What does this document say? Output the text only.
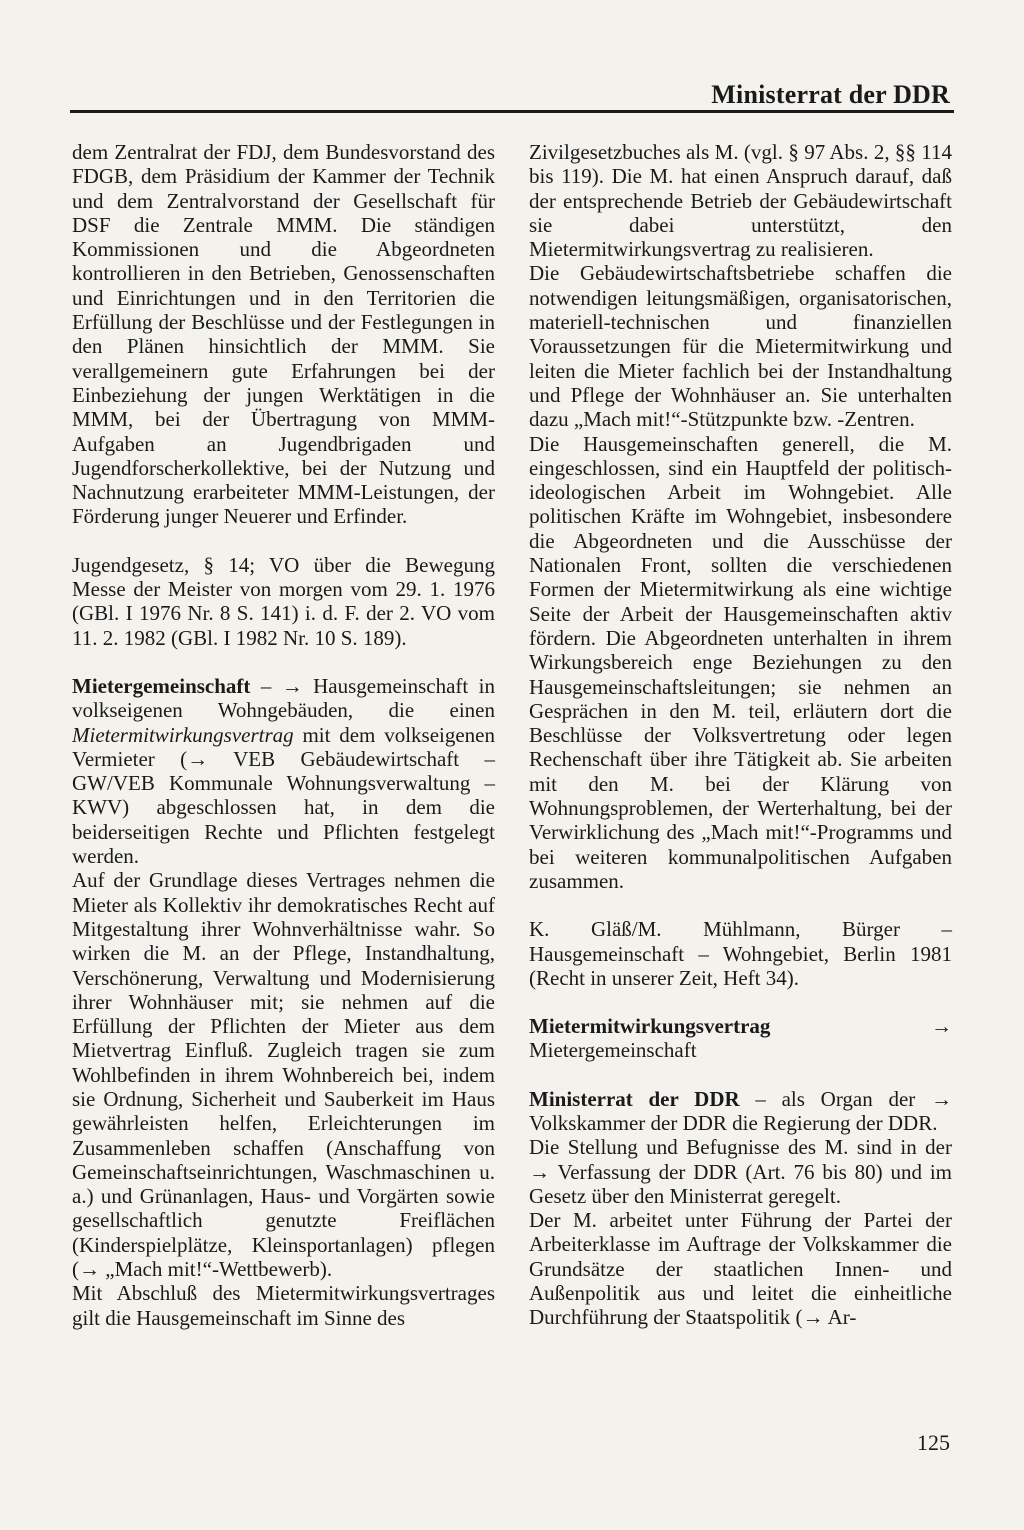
Ministerrat der DDR

dem Zentralrat der FDJ, dem Bundesvorstand des FDGB, dem Präsidium der Kammer der Technik und dem Zentralvorstand der Gesellschaft für DSF die Zentrale MMM. Die ständigen Kommissionen und die Abgeordneten kontrollieren in den Betrieben, Genossenschaften und Einrichtungen und in den Territorien die Erfüllung der Beschlüsse und der Festlegungen in den Plänen hinsichtlich der MMM. Sie verallgemeinern gute Erfahrungen bei der Einbeziehung der jungen Werktätigen in die MMM, bei der Übertragung von MMM-Aufgaben an Jugendbrigaden und Jugendforscherkollektive, bei der Nutzung und Nachnutzung erarbeiteter MMM-Leistungen, der Förderung junger Neuerer und Erfinder.

Jugendgesetz, § 14; VO über die Bewegung Messe der Meister von morgen vom 29. 1. 1976 (GBl. I 1976 Nr. 8 S. 141) i. d. F. der 2. VO vom 11. 2. 1982 (GBl. I 1982 Nr. 10 S. 189).

Mietergemeinschaft – → Hausgemeinschaft in volkseigenen Wohngebäuden, die einen Mietermitwirkungsvertrag mit dem volkseigenen Vermieter (→ VEB Gebäudewirtschaft – GW/VEB Kommunale Wohnungsverwaltung – KWV) abgeschlossen hat, in dem die beiderseitigen Rechte und Pflichten festgelegt werden.

Auf der Grundlage dieses Vertrages nehmen die Mieter als Kollektiv ihr demokratisches Recht auf Mitgestaltung ihrer Wohnverhältnisse wahr. So wirken die M. an der Pflege, Instandhaltung, Verschönerung, Verwaltung und Modernisierung ihrer Wohnhäuser mit; sie nehmen auf die Erfüllung der Pflichten der Mieter aus dem Mietvertrag Einfluß. Zugleich tragen sie zum Wohlbefinden in ihrem Wohnbereich bei, indem sie Ordnung, Sicherheit und Sauberkeit im Haus gewährleisten helfen, Erleichterungen im Zusammenleben schaffen (Anschaffung von Gemeinschaftseinrichtungen, Waschmaschinen u. a.) und Grünanlagen, Haus- und Vorgärten sowie gesellschaftlich genutzte Freiflächen (Kinderspielplätze, Kleinsportanlagen) pflegen (→ „Mach mit!“-Wettbewerb).

Mit Abschluß des Mietermitwirkungsvertrages gilt die Hausgemeinschaft im Sinne des

Zivilgesetzbuches als M. (vgl. § 97 Abs. 2, §§ 114 bis 119). Die M. hat einen Anspruch darauf, daß der entsprechende Betrieb der Gebäudewirtschaft sie dabei unterstützt, den Mietermitwirkungsvertrag zu realisieren.

Die Gebäudewirtschaftsbetriebe schaffen die notwendigen leitungsmäßigen, organisatorischen, materiell-technischen und finanziellen Voraussetzungen für die Mietermitwirkung und leiten die Mieter fachlich bei der Instandhaltung und Pflege der Wohnhäuser an. Sie unterhalten dazu „Mach mit!“-Stützpunkte bzw. -Zentren.

Die Hausgemeinschaften generell, die M. eingeschlossen, sind ein Hauptfeld der politisch-ideologischen Arbeit im Wohngebiet. Alle politischen Kräfte im Wohngebiet, insbesondere die Abgeordneten und die Ausschüsse der Nationalen Front, sollten die verschiedenen Formen der Mietermitwirkung als eine wichtige Seite der Arbeit der Hausgemeinschaften aktiv fördern. Die Abgeordneten unterhalten in ihrem Wirkungsbereich enge Beziehungen zu den Hausgemeinschaftsleitungen; sie nehmen an Gesprächen in den M. teil, erläutern dort die Beschlüsse der Volksvertretung oder legen Rechenschaft über ihre Tätigkeit ab. Sie arbeiten mit den M. bei der Klärung von Wohnungsproblemen, der Werterhaltung, bei der Verwirklichung des „Mach mit!“-Programms und bei weiteren kommunalpolitischen Aufgaben zusammen.

K. Gläß/M. Mühlmann, Bürger – Hausgemeinschaft – Wohngebiet, Berlin 1981 (Recht in unserer Zeit, Heft 34).

Mietermitwirkungsvertrag → Mietergemeinschaft

Ministerrat der DDR – als Organ der → Volkskammer der DDR die Regierung der DDR.

Die Stellung und Befugnisse des M. sind in der → Verfassung der DDR (Art. 76 bis 80) und im Gesetz über den Ministerrat geregelt.

Der M. arbeitet unter Führung der Partei der Arbeiterklasse im Auftrage der Volkskammer die Grundsätze der staatlichen Innen- und Außenpolitik aus und leitet die einheitliche Durchführung der Staatspolitik (→ Ar-

125
